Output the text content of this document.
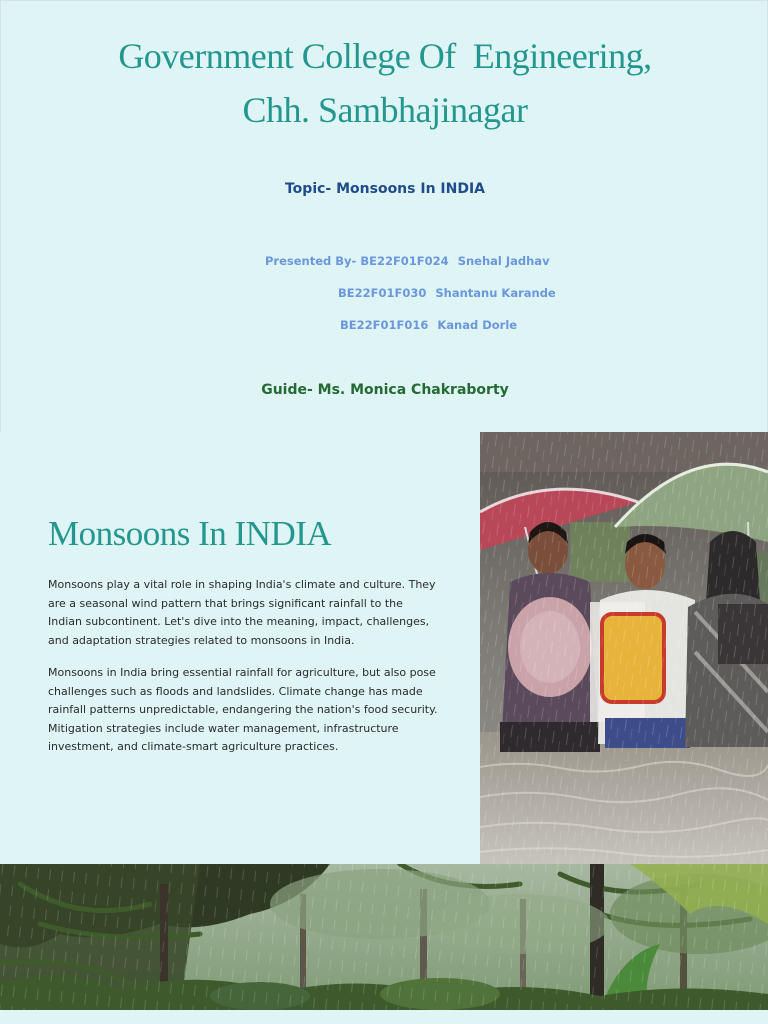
Government College Of  Engineering,
Chh. Sambhajinagar
Topic- Monsoons In INDIA
Presented By- BE22F01F024 Snehal Jadhav
BE22F01F030 Shantanu Karande
BE22F01F016 Kanad Dorle
Guide- Ms. Monica Chakraborty
Monsoons In INDIA

Monsoons play a vital role in shaping India's climate and culture. They are a seasonal wind pattern that brings significant rainfall to the Indian subcontinent. Let's dive into the meaning, impact, challenges, and adaptation strategies related to monsoons in India.

Monsoons in India bring essential rainfall for agriculture, but also pose challenges such as floods and landslides. Climate change has made rainfall patterns unpredictable, endangering the nation's food security. Mitigation strategies include water management, infrastructure investment, and climate-smart agriculture practices.
